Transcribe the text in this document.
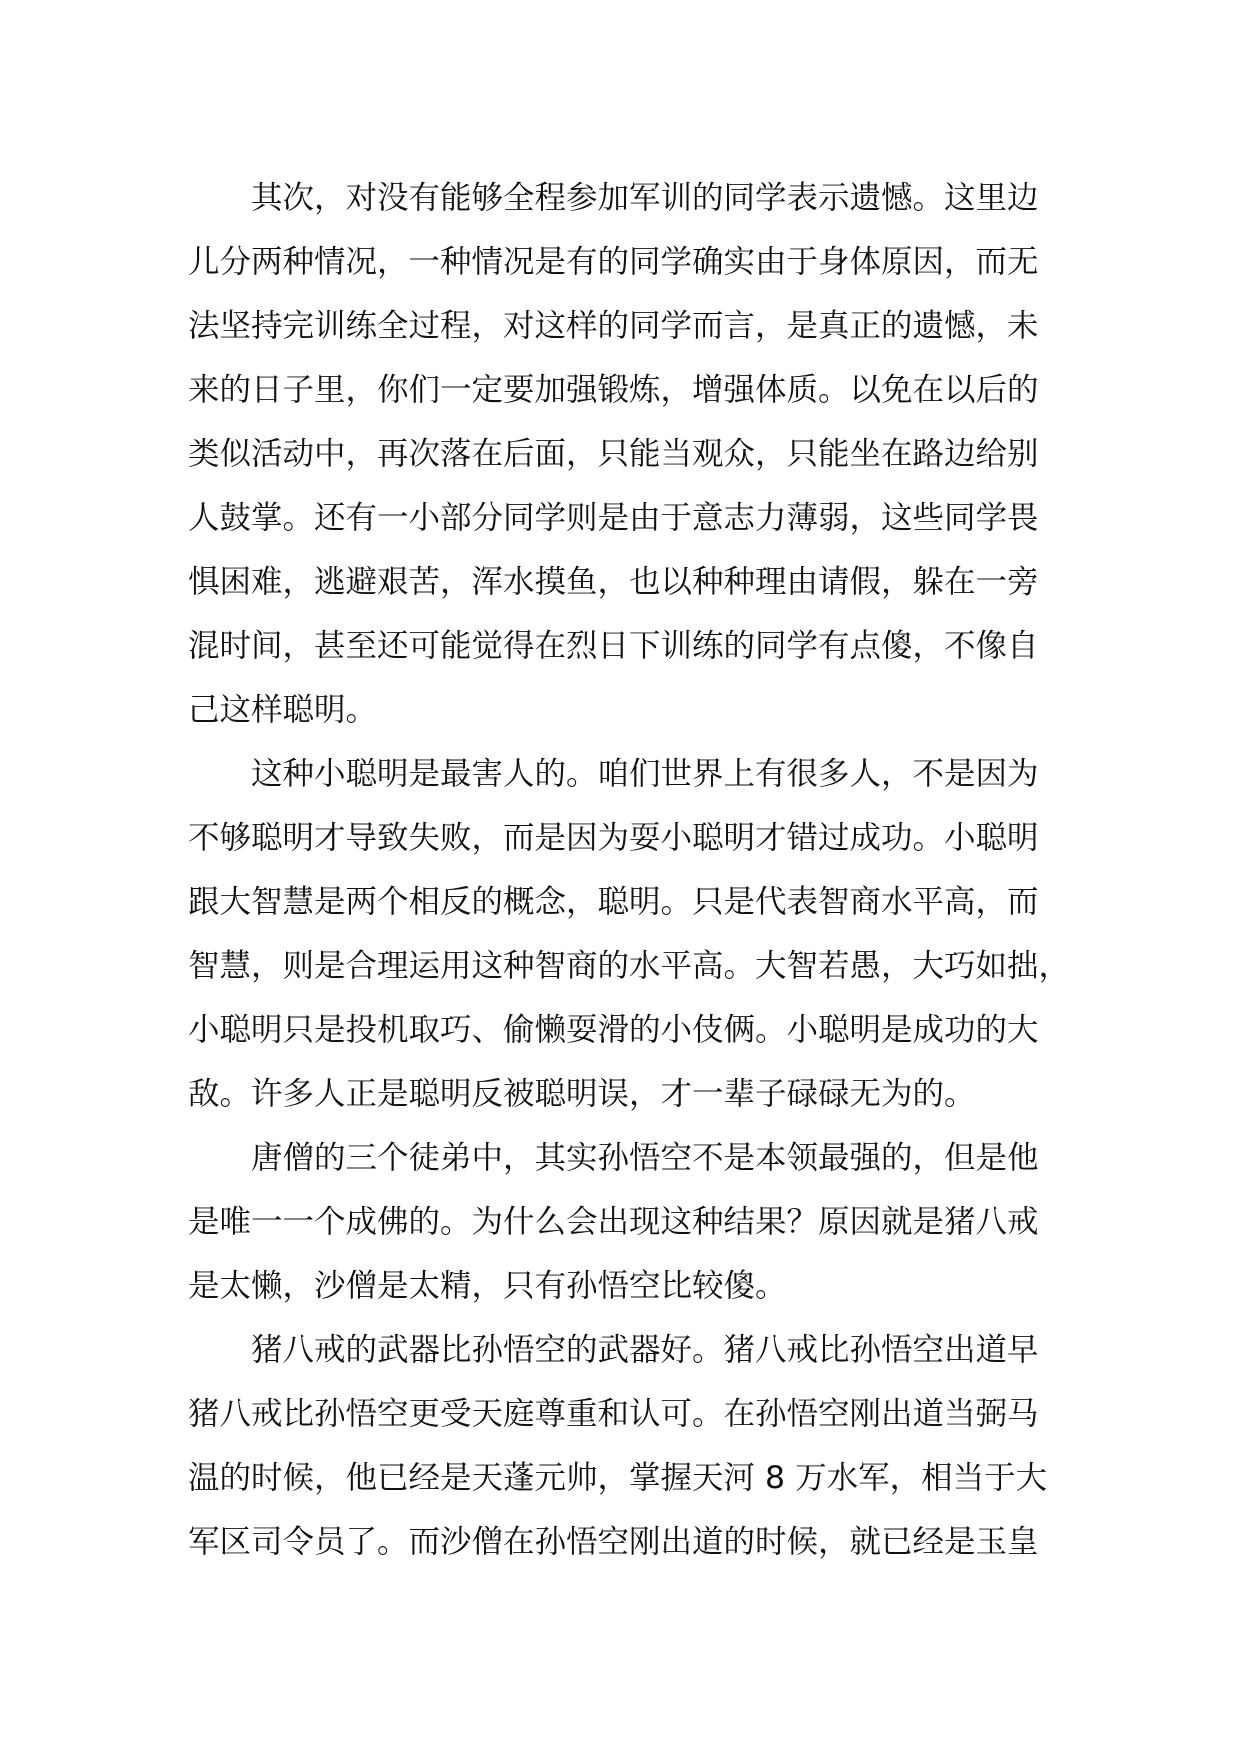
其次，对没有能够全程参加军训的同学表示遗憾。这里边
儿分两种情况，一种情况是有的同学确实由于身体原因，而无
法坚持完训练全过程，对这样的同学而言，是真正的遗憾，未
来的日子里，你们一定要加强锻炼，增强体质。以免在以后的
类似活动中，再次落在后面，只能当观众，只能坐在路边给别
人鼓掌。还有一小部分同学则是由于意志力薄弱，这些同学畏
惧困难，逃避艰苦，浑水摸鱼，也以种种理由请假，躲在一旁
混时间，甚至还可能觉得在烈日下训练的同学有点傻，不像自
己这样聪明。
这种小聪明是最害人的。咱们世界上有很多人，不是因为
不够聪明才导致失败，而是因为耍小聪明才错过成功。小聪明
跟大智慧是两个相反的概念，聪明。只是代表智商水平高，而
智慧，则是合理运用这种智商的水平高。大智若愚，大巧如拙，
小聪明只是投机取巧、偷懒耍滑的小伎俩。小聪明是成功的大
敌。许多人正是聪明反被聪明误，才一辈子碌碌无为的。
唐僧的三个徒弟中，其实孙悟空不是本领最强的，但是他
是唯一一个成佛的。为什么会出现这种结果？原因就是猪八戒
是太懒，沙僧是太精，只有孙悟空比较傻。
猪八戒的武器比孙悟空的武器好。猪八戒比孙悟空出道早
猪八戒比孙悟空更受天庭尊重和认可。在孙悟空刚出道当弼马
温的时候，他已经是天蓬元帅，掌握天河 8 万水军，相当于大
军区司令员了。而沙僧在孙悟空刚出道的时候，就已经是玉皇
